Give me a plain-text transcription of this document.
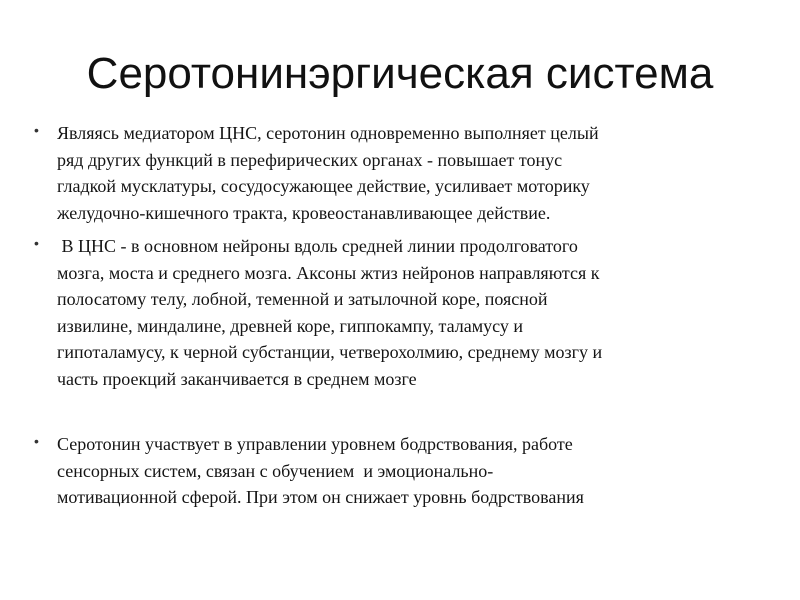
Серотонинэргическая система
• Являясь медиатором ЦНС, серотонин одновременно выполняет целый
ряд других функций в перефирических органах - повышает тонус
гладкой мусклатуры, сосудосужающее действие, усиливает моторику
желудочно-кишечного тракта, кровеостанавливающее действие.
• В ЦНС - в основном нейроны вдоль средней линии продолговатого
мозга, моста и среднего мозга. Аксоны жтиз нейронов направляются к
полосатому телу, лобной, теменной и затылочной коре, поясной
извилине, миндалине, древней коре, гиппокампу, таламусу и
гипоталамусу, к черной субстанции, четверохолмию, среднему мозгу и
часть проекций заканчивается в среднем мозге
• Серотонин участвует в управлении уровнем бодрствования, работе
сенсорных систем, связан с обучением  и эмоционально-
мотивационной сферой. При этом он снижает уровнь бодрствования
